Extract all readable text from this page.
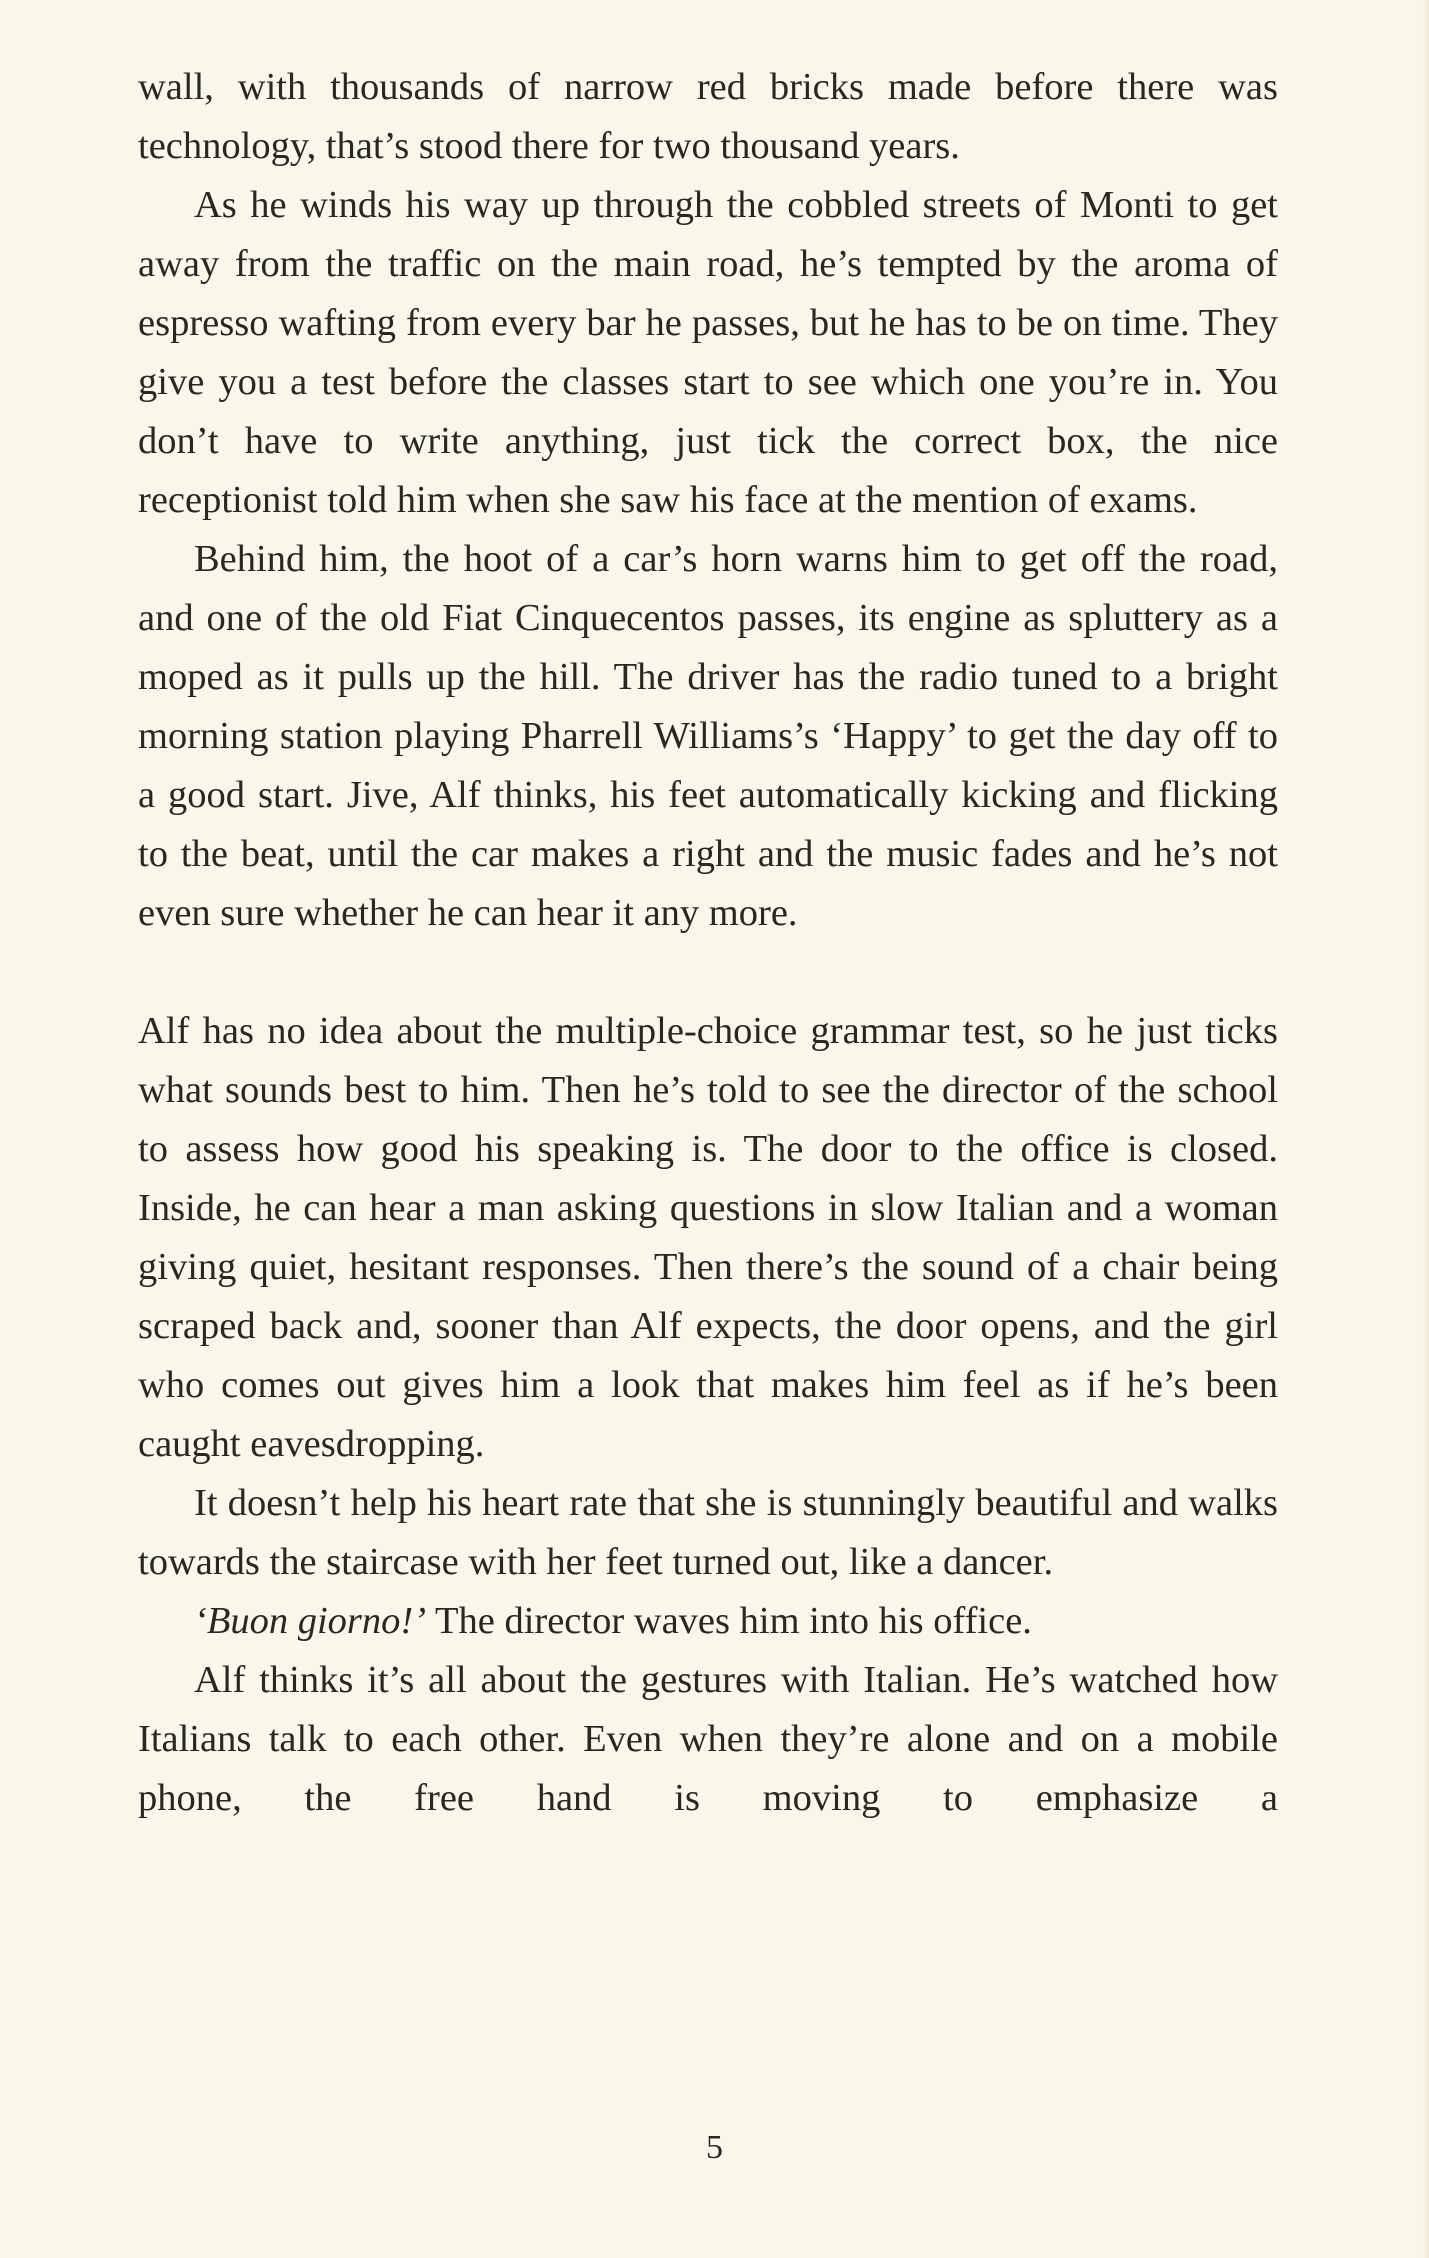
wall, with thousands of narrow red bricks made before there was technology, that’s stood there for two thousand years.

As he winds his way up through the cobbled streets of Monti to get away from the traffic on the main road, he’s tempted by the aroma of espresso wafting from every bar he passes, but he has to be on time. They give you a test before the classes start to see which one you’re in. You don’t have to write anything, just tick the correct box, the nice receptionist told him when she saw his face at the mention of exams.

Behind him, the hoot of a car’s horn warns him to get off the road, and one of the old Fiat Cinquecentos passes, its engine as spluttery as a moped as it pulls up the hill. The driver has the radio tuned to a bright morning station playing Pharrell Williams’s ‘Happy’ to get the day off to a good start. Jive, Alf thinks, his feet automatically kicking and flicking to the beat, until the car makes a right and the music fades and he’s not even sure whether he can hear it any more.

Alf has no idea about the multiple-choice grammar test, so he just ticks what sounds best to him. Then he’s told to see the director of the school to assess how good his speaking is. The door to the office is closed. Inside, he can hear a man asking questions in slow Italian and a woman giving quiet, hesitant responses. Then there’s the sound of a chair being scraped back and, sooner than Alf expects, the door opens, and the girl who comes out gives him a look that makes him feel as if he’s been caught eavesdropping.

It doesn’t help his heart rate that she is stunningly beautiful and walks towards the staircase with her feet turned out, like a dancer.

‘Buon giorno!’ The director waves him into his office.

Alf thinks it’s all about the gestures with Italian. He’s watched how Italians talk to each other. Even when they’re alone and on a mobile phone, the free hand is moving to emphasize a

5
